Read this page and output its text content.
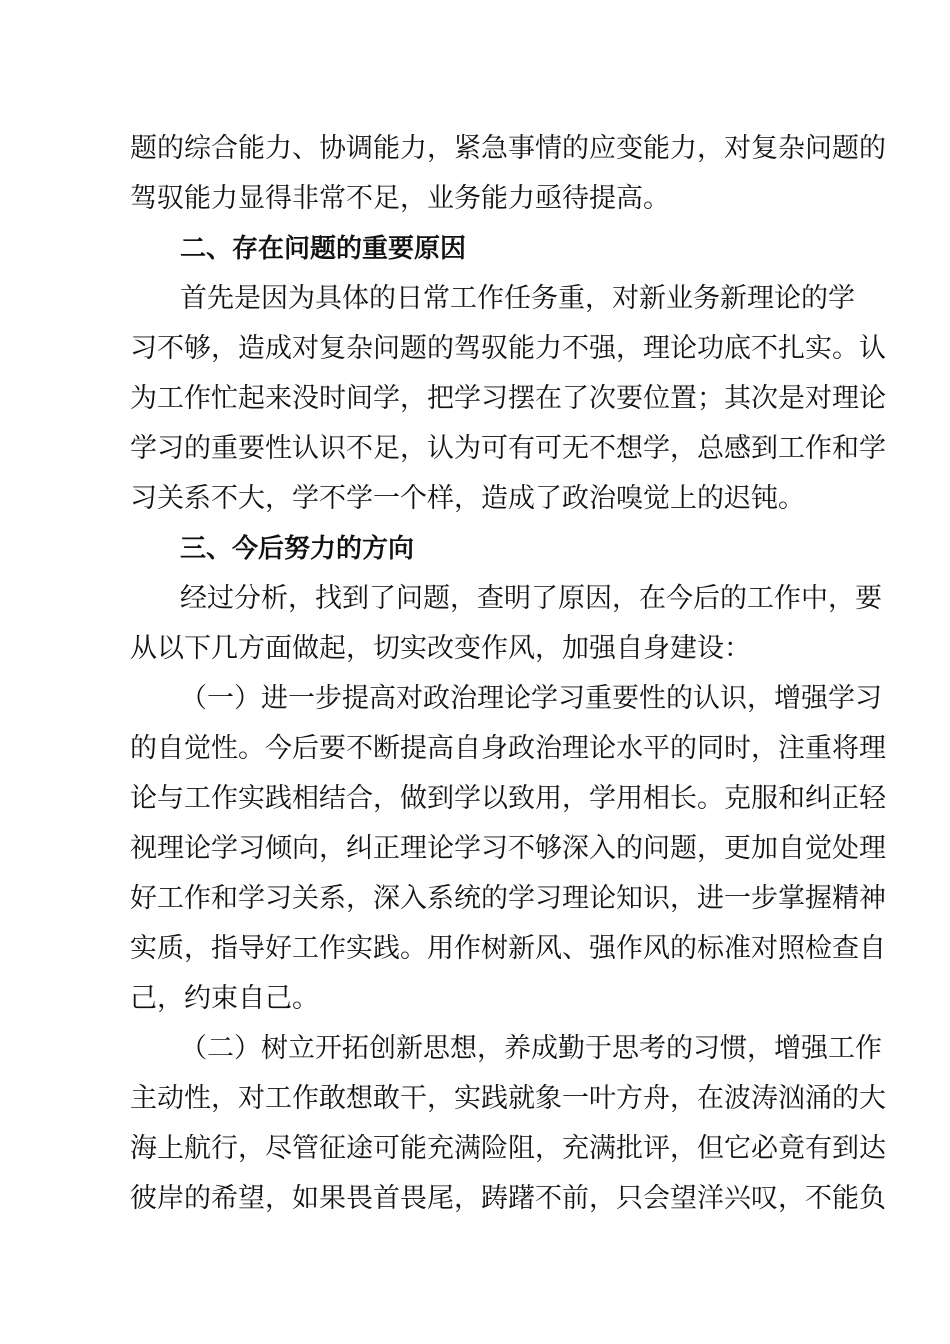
题的综合能力、协调能力，紧急事情的应变能力，对复杂问题的
驾驭能力显得非常不足，业务能力亟待提高。
二、存在问题的重要原因
首先是因为具体的日常工作任务重，对新业务新理论的学
习不够，造成对复杂问题的驾驭能力不强，理论功底不扎实。认
为工作忙起来没时间学，把学习摆在了次要位置；其次是对理论
学习的重要性认识不足，认为可有可无不想学，总感到工作和学
习关系不大，学不学一个样，造成了政治嗅觉上的迟钝。
三、今后努力的方向
经过分析，找到了问题，查明了原因，在今后的工作中，要
从以下几方面做起，切实改变作风，加强自身建设：
（一）进一步提高对政治理论学习重要性的认识，增强学习
的自觉性。今后要不断提高自身政治理论水平的同时，注重将理
论与工作实践相结合，做到学以致用，学用相长。克服和纠正轻
视理论学习倾向，纠正理论学习不够深入的问题，更加自觉处理
好工作和学习关系，深入系统的学习理论知识，进一步掌握精神
实质，指导好工作实践。用作树新风、强作风的标准对照检查自
己，约束自己。
（二）树立开拓创新思想，养成勤于思考的习惯，增强工作
主动性，对工作敢想敢干，实践就象一叶方舟，在波涛汹涌的大
海上航行，尽管征途可能充满险阻，充满批评，但它必竟有到达
彼岸的希望，如果畏首畏尾，踌躇不前，只会望洋兴叹，不能负
